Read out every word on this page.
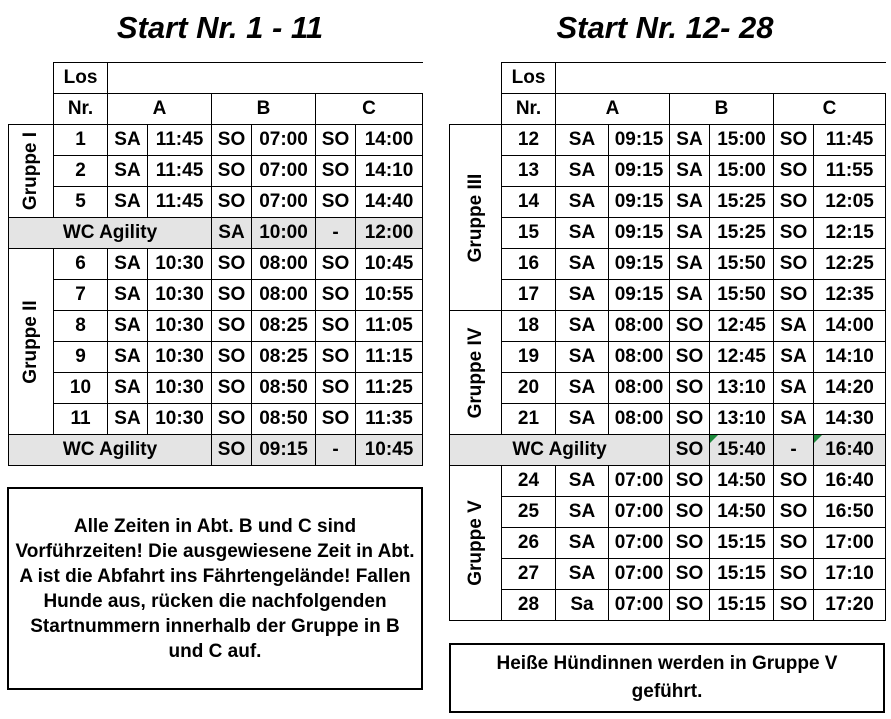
Start Nr. 1 - 11	Start Nr. 12- 28
	Los						
	Nr.	A		B		C	

Gruppe I	1	SA	11:45	SO	07:00	SO	14:00
	2	SA	11:45	SO	07:00	SO	14:10
	5	SA	11:45	SO	07:00	SO	14:40
WC Agility				SA	10:00	-	12:00

Gruppe II	6	SA	10:30	SO	08:00	SO	10:45
	7	SA	10:30	SO	08:00	SO	10:55
	8	SA	10:30	SO	08:25	SO	11:05
	9	SA	10:30	SO	08:25	SO	11:15
	10	SA	10:30	SO	08:50	SO	11:25
	11	SA	10:30	SO	08:50	SO	11:35
WC Agility				SO	09:15	-	10:45
Alle Zeiten in Abt. B und C sind Vorführzeiten! Die ausgewiesene Zeit in Abt. A ist die Abfahrt ins Fährtengelände! Fallen Hunde aus, rücken die nachfolgenden Startnummern innerhalb der Gruppe in B und C auf.
	Los						
	Nr.	A		B		C	

Gruppe III	12	SA	09:15	SA	15:00	SO	11:45
	13	SA	09:15	SA	15:00	SO	11:55
	14	SA	09:15	SA	15:25	SO	12:05
	15	SA	09:15	SA	15:25	SO	12:15
	16	SA	09:15	SA	15:50	SO	12:25
	17	SA	09:15	SA	15:50	SO	12:35

Gruppe IV	18	SA	08:00	SO	12:45	SA	14:00
	19	SA	08:00	SO	12:45	SA	14:10
	20	SA	08:00	SO	13:10	SA	14:20
	21	SA	08:00	SO	13:10	SA	14:30
WC Agility				SO	15:40	-	16:40

Gruppe V	24	SA	07:00	SO	14:50	SO	16:40
	25	SA	07:00	SO	14:50	SO	16:50
	26	SA	07:00	SO	15:15	SO	17:00
	27	SA	07:00	SO	15:15	SO	17:10
	28	Sa	07:00	SO	15:15	SO	17:20
Heiße Hündinnen werden in Gruppe V geführt.
